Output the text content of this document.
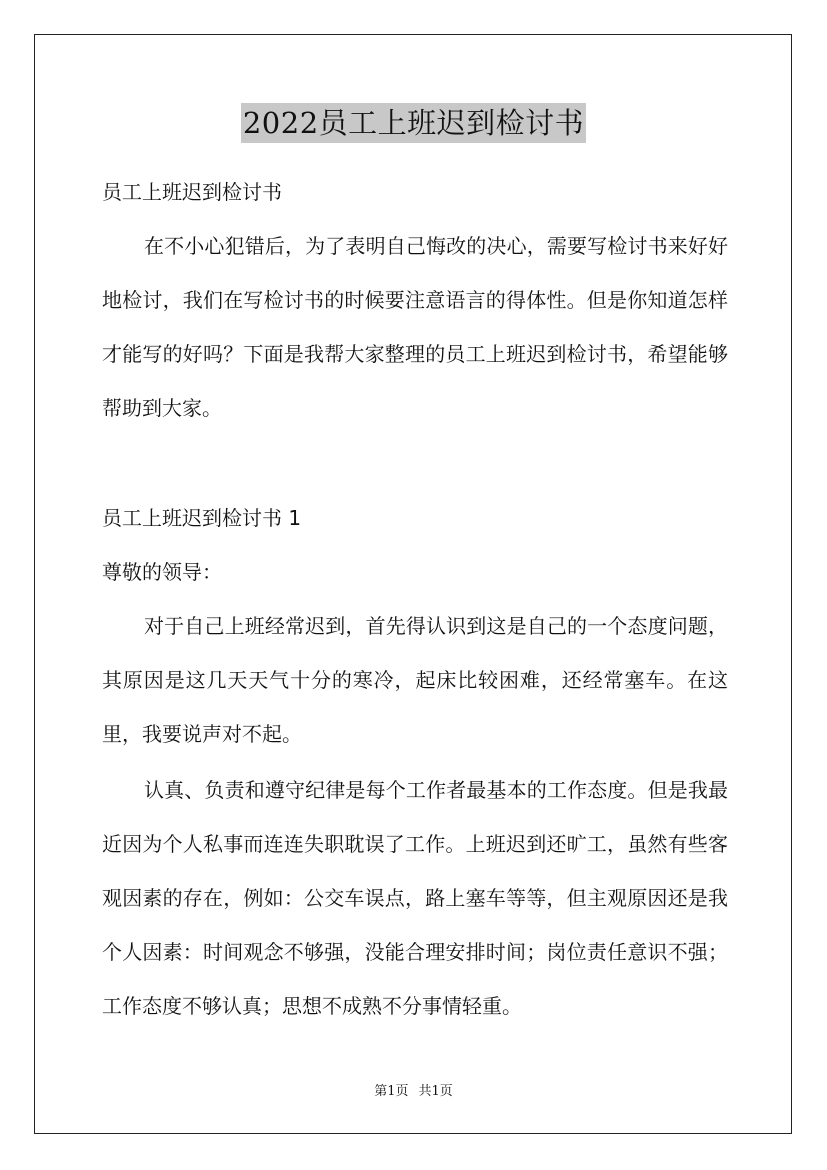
2022员工上班迟到检讨书

员工上班迟到检讨书

在不小心犯错后，为了表明自己悔改的决心，需要写检讨书来好好地检讨，我们在写检讨书的时候要注意语言的得体性。但是你知道怎样才能写的好吗？下面是我帮大家整理的员工上班迟到检讨书，希望能够帮助到大家。

员工上班迟到检讨书 1

尊敬的领导：

对于自己上班经常迟到，首先得认识到这是自己的一个态度问题，其原因是这几天天气十分的寒冷，起床比较困难，还经常塞车。在这里，我要说声对不起。

认真、负责和遵守纪律是每个工作者最基本的工作态度。但是我最近因为个人私事而连连失职耽误了工作。上班迟到还旷工，虽然有些客观因素的存在，例如：公交车误点，路上塞车等等，但主观原因还是我个人因素：时间观念不够强，没能合理安排时间；岗位责任意识不强；工作态度不够认真；思想不成熟不分事情轻重。

第1页 共1页
